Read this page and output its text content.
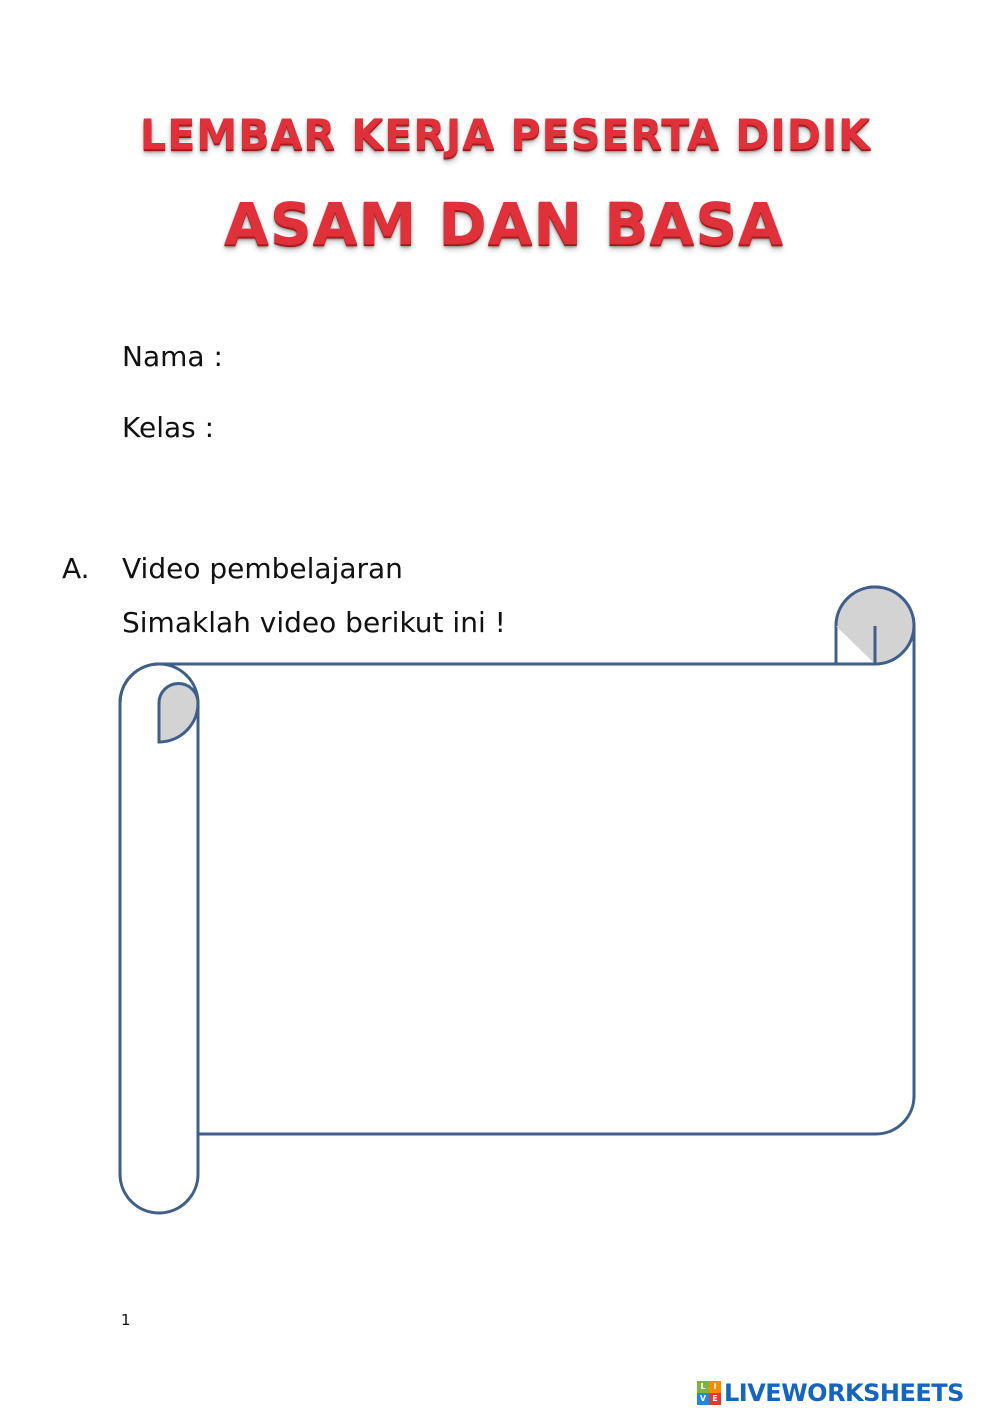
LEMBAR KERJA PESERTA DIDIK
ASAM DAN BASA
Nama :
Kelas :
A. Video pembelajaran
Simaklah video berikut ini !
1
L I
V E LIVEWORKSHEETS
